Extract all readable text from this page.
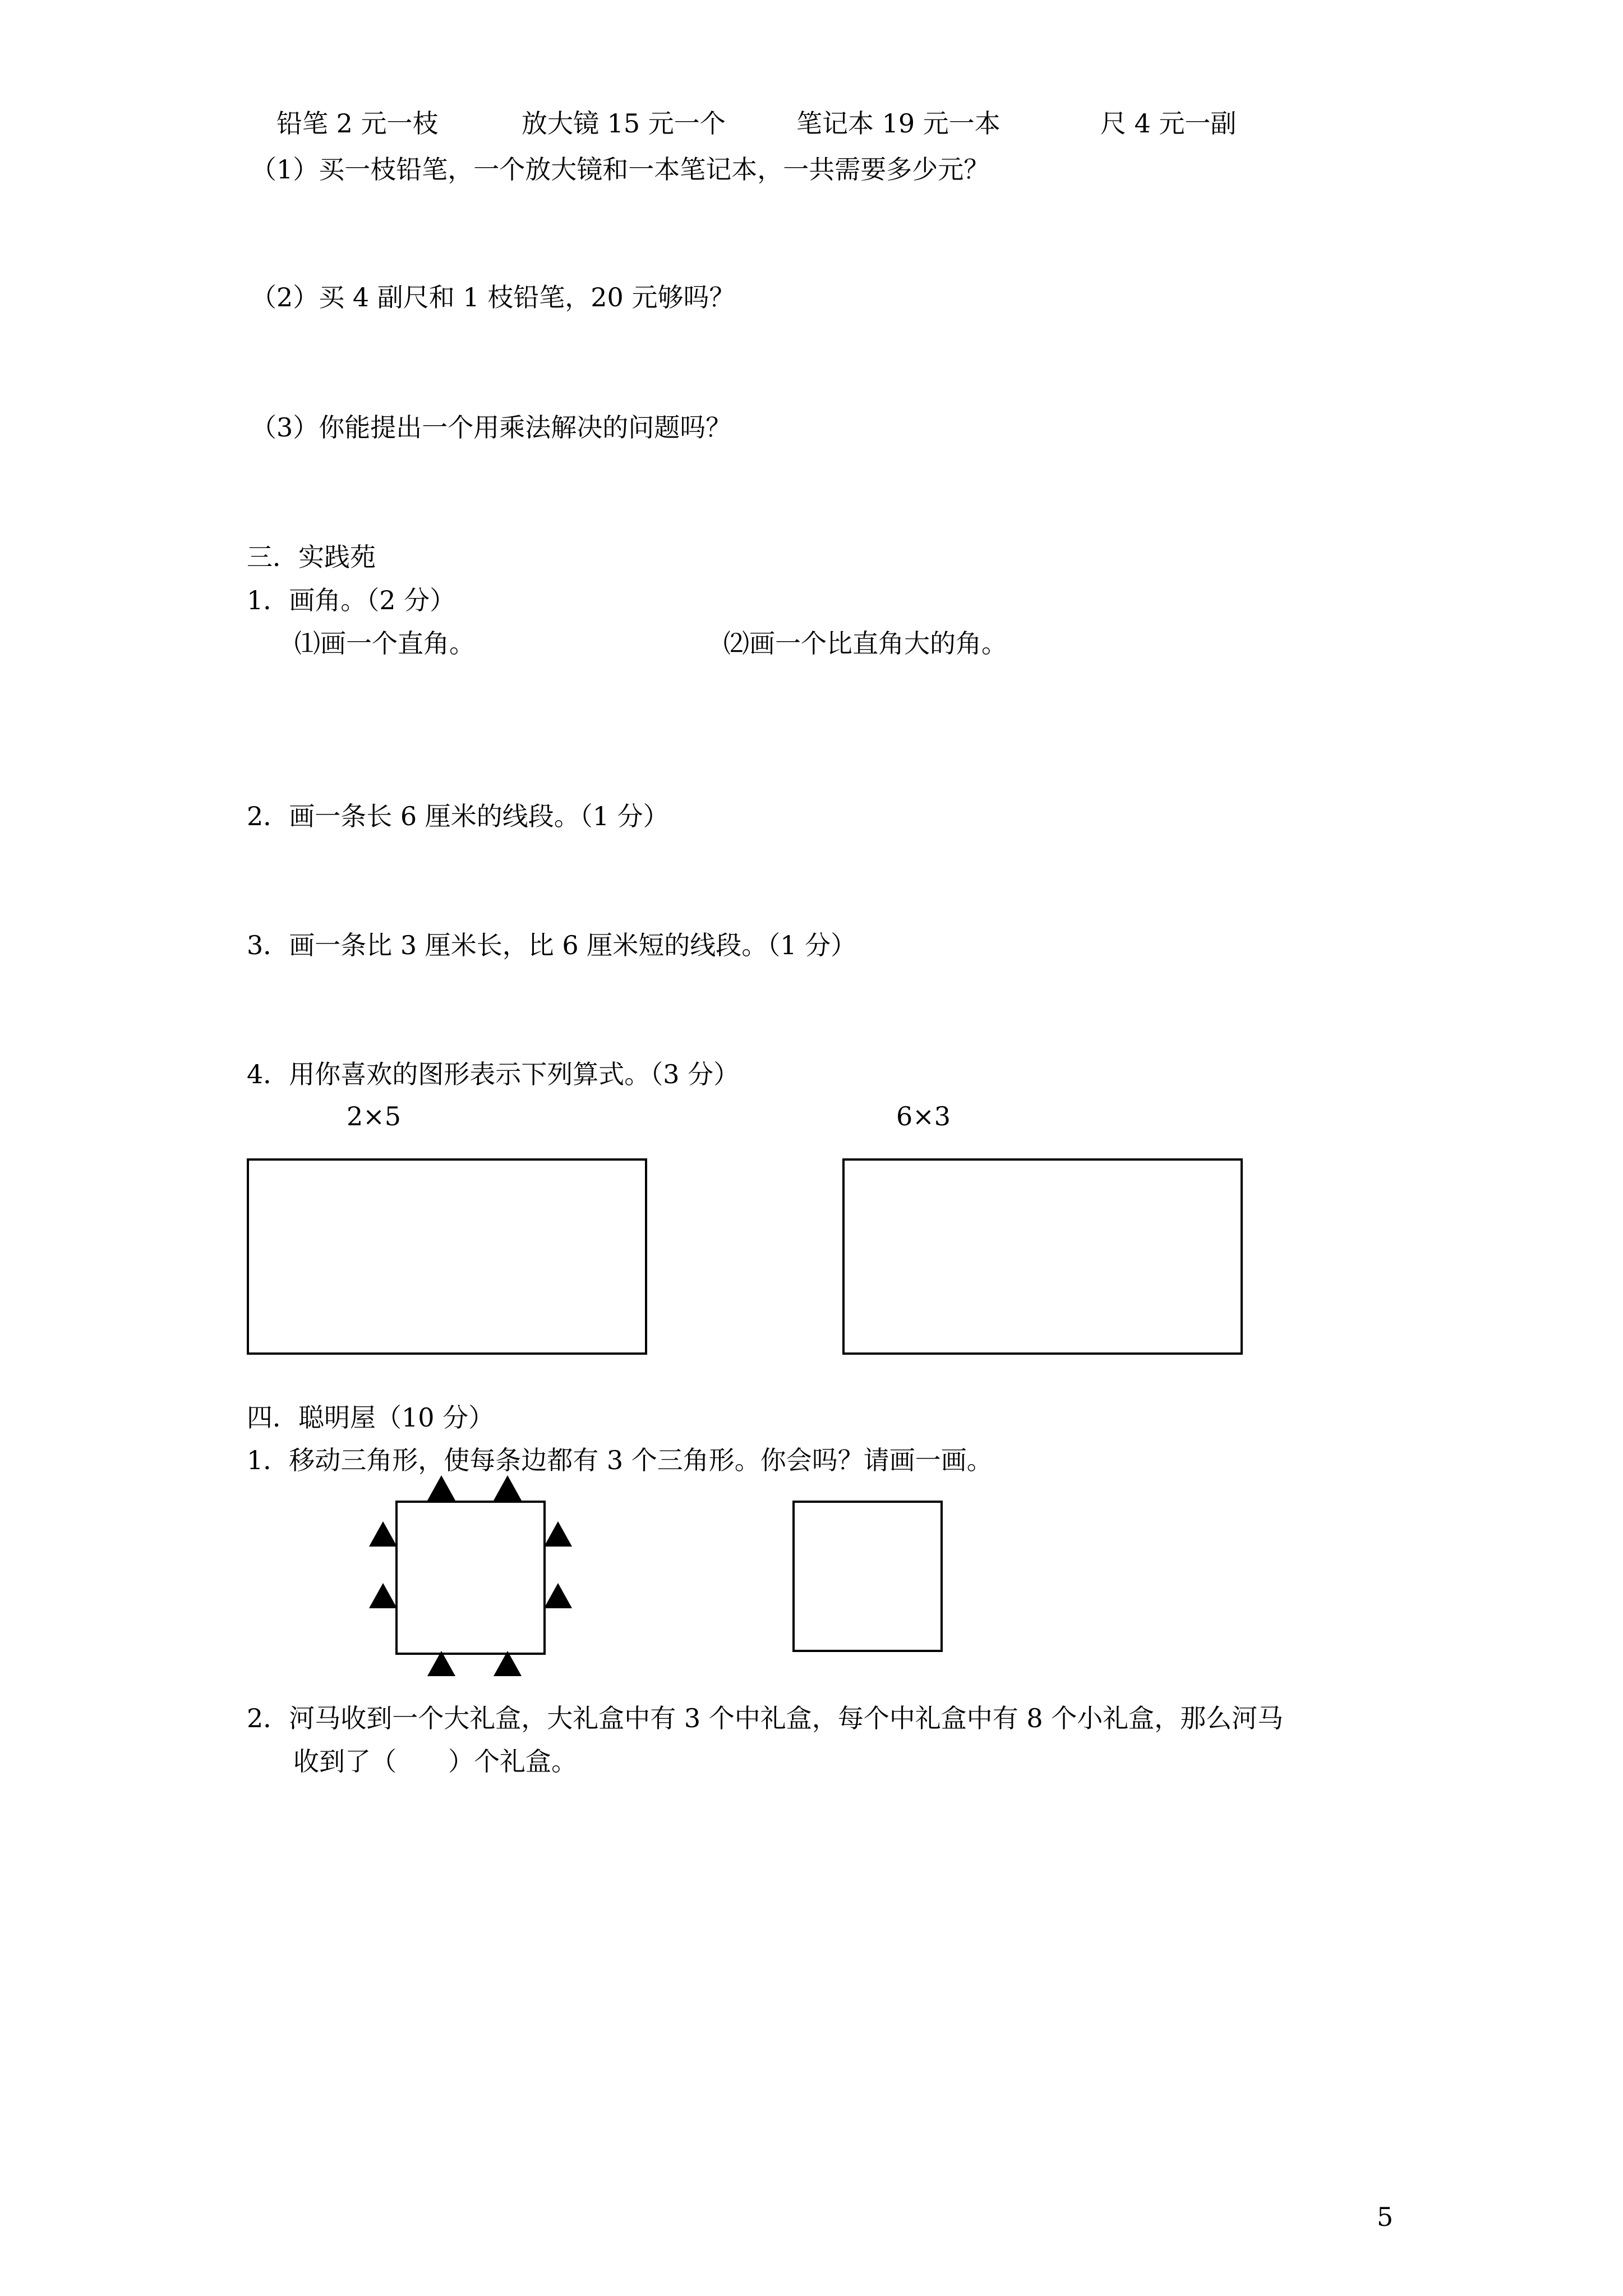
铅笔 2 元一枝	放大镜 15 元一个	笔记本 19 元一本	尺 4 元一副
（1）买一枝铅笔，一个放大镜和一本笔记本，一共需要多少元？
（2）买 4 副尺和 1 枝铅笔，20 元够吗？
（3）你能提出一个用乘法解决的问题吗？
三．实践苑
1．画角。（2 分）
⑴画一个直角。	⑵画一个比直角大的角。
2．画一条长 6 厘米的线段。（1 分）
3．画一条比 3 厘米长，比 6 厘米短的线段。（1 分）
4．用你喜欢的图形表示下列算式。（3 分）
2×5	6×3
四．聪明屋（10 分）
1．移动三角形，使每条边都有 3 个三角形。你会吗？请画一画。
2．河马收到一个大礼盒，大礼盒中有 3 个中礼盒，每个中礼盒中有 8 个小礼盒，那么河马
收到了（　　）个礼盒。
5
